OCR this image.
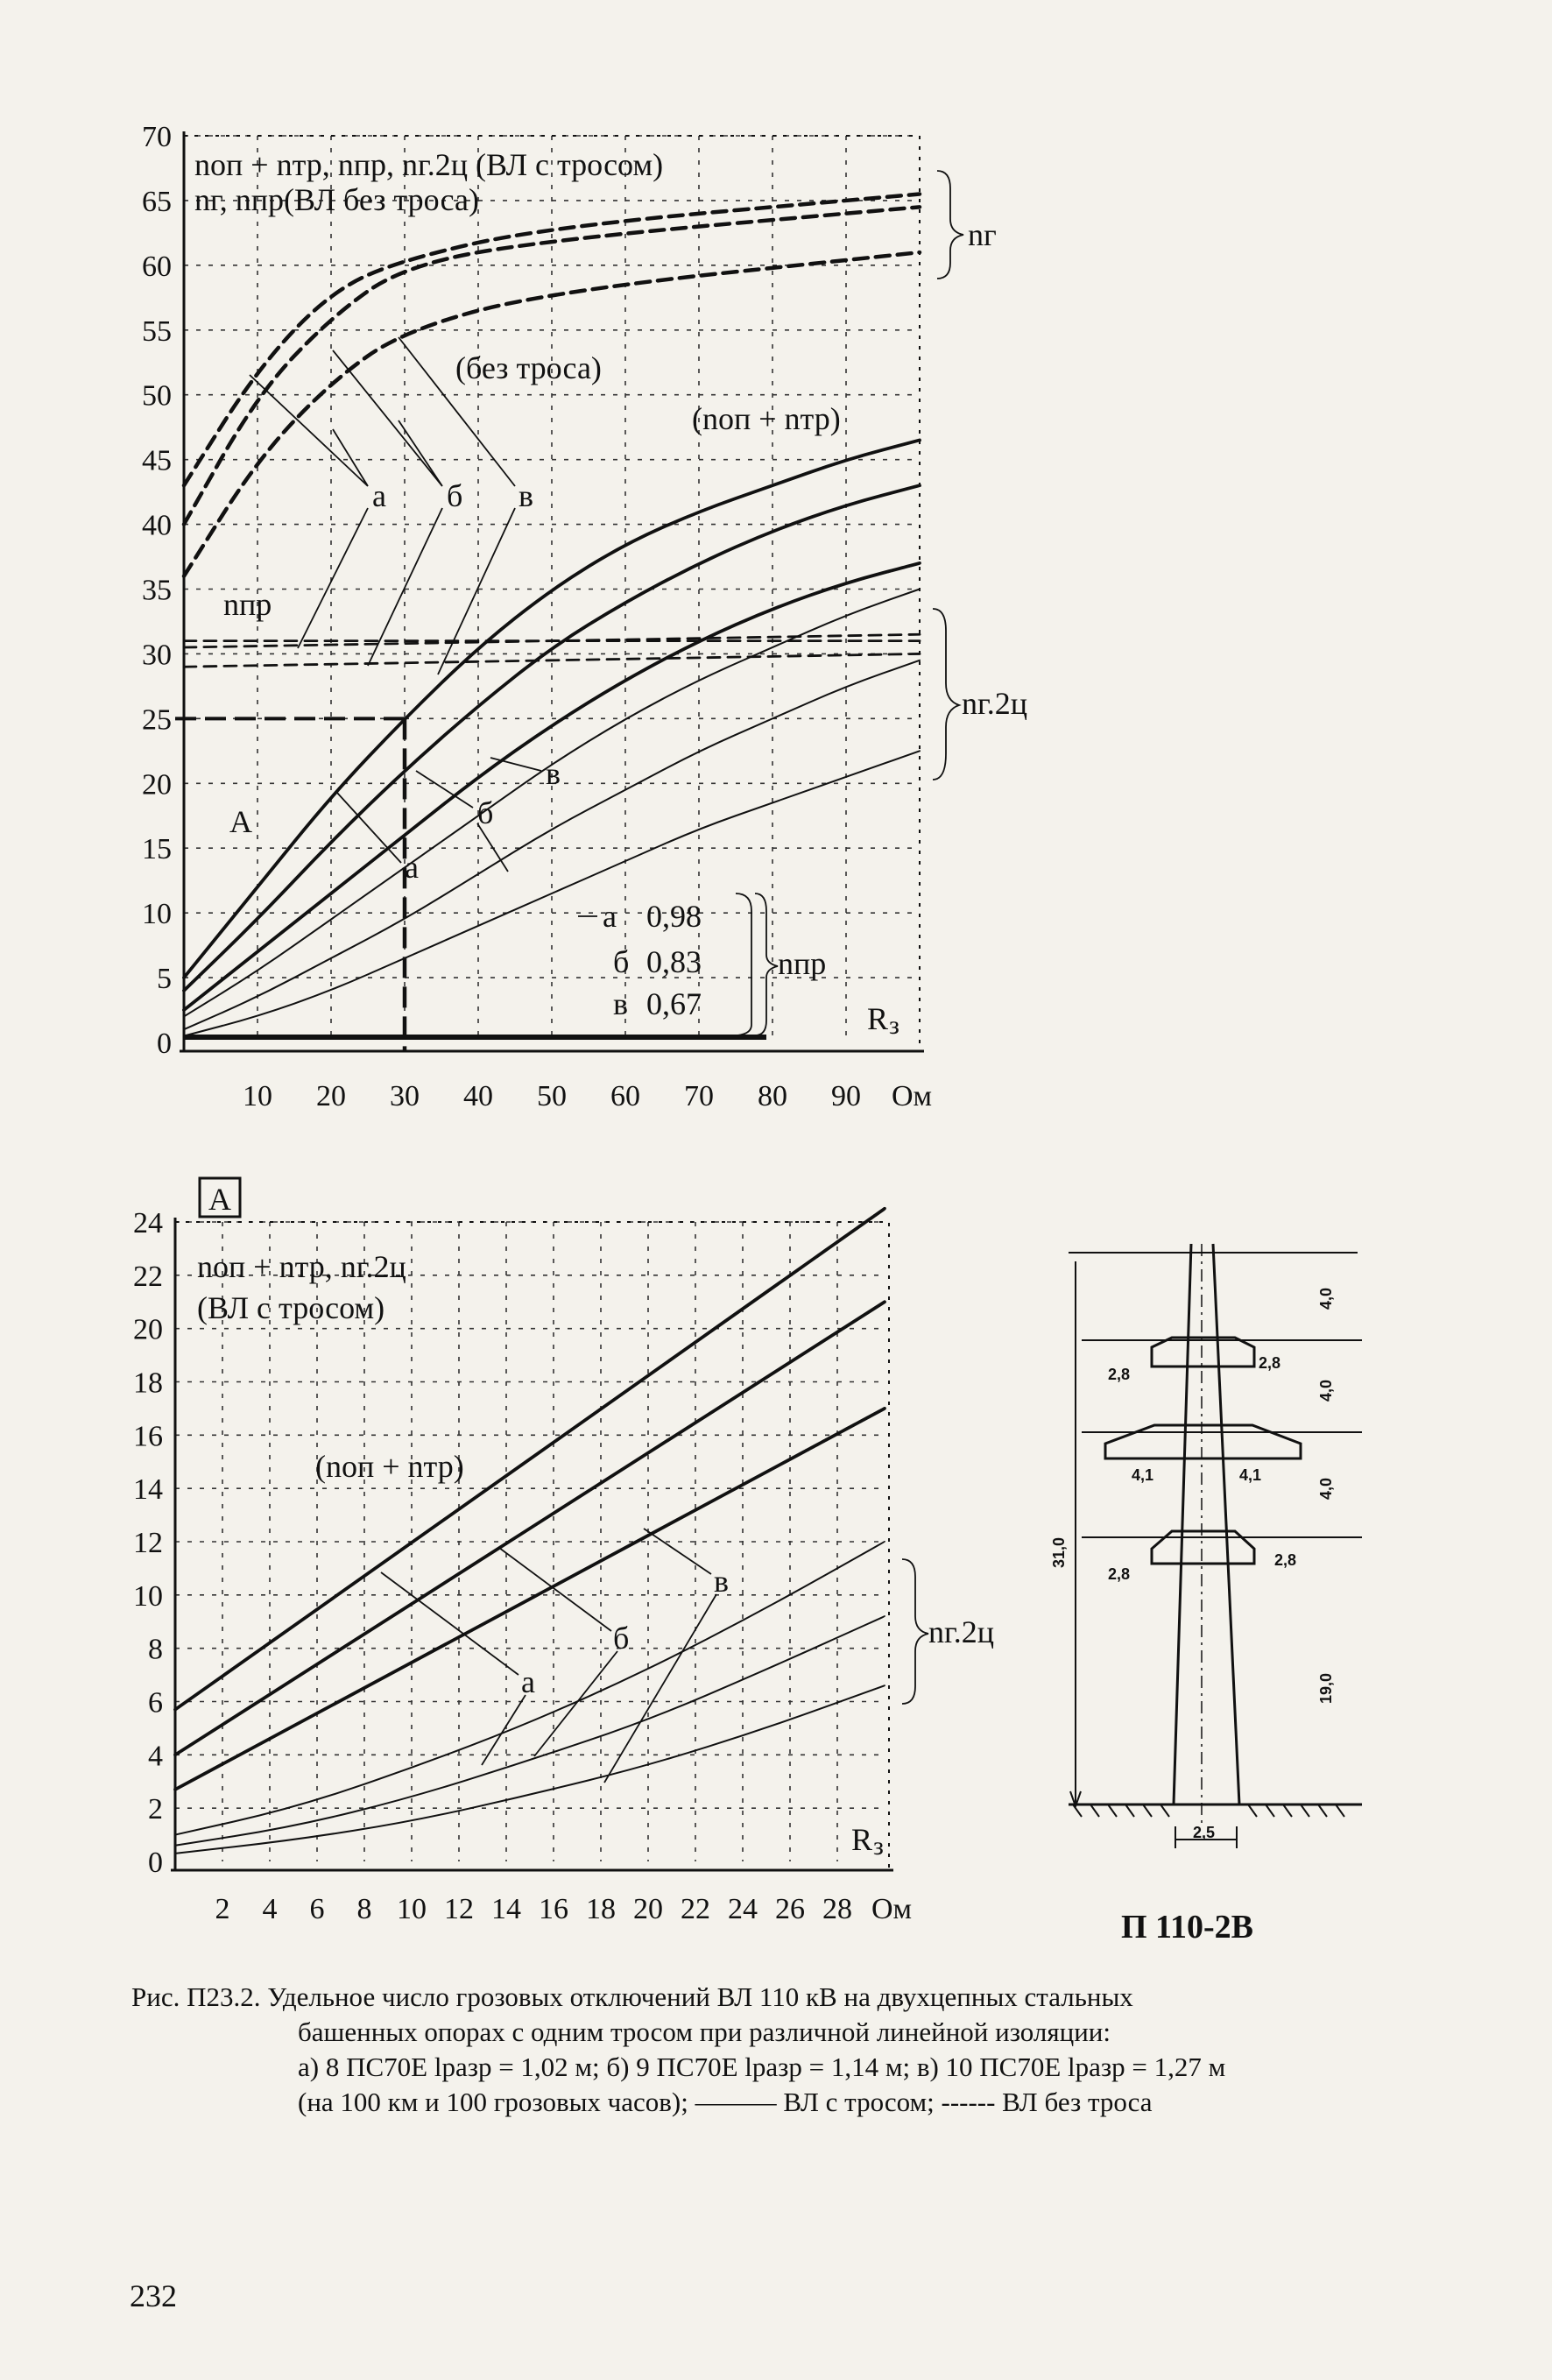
0
5
10
15
20
25
30
35
40
45
50
55
60
65
70
10 20 30 40 50 60 70 80 90
nоп + nтр, nпр, nг.2ц (ВЛ с тросом)
nг, nпр(ВЛ без троса)
(без троса)
(nоп + nтр)
nпр
А
а б в
а
б
в
nг
nг.2ц
а 0,98
б 0,83
в 0,67
nпр
R з
Ом
А
0
2
4
6
8
10
12
14
16
18
20
22
24
2 4 6 8 10 12 14 16 18 20 22 24 26 28
nоп + nтр, nг.2ц
(ВЛ с тросом)
(nоп + nтр)
а
б
в
nг.2ц
R з
Ом
31,0
4,0
4,0
4,0
19,0
2,8
2,8
4,1	4,1
2,8
2,8
2,5
П 110-2В
Рис. П23.2. Удельное число грозовых отключений ВЛ 110 кВ на двухцепных стальных
башенных опорах с одним тросом при различной линейной изоляции:
а) 8 ПС70Е lразр = 1,02 м; б) 9 ПС70Е lразр = 1,14 м; в) 10 ПС70Е lразр = 1,27 м
(на 100 км и 100 грозовых часов); ——— ВЛ с тросом; ------ ВЛ без троса
232
